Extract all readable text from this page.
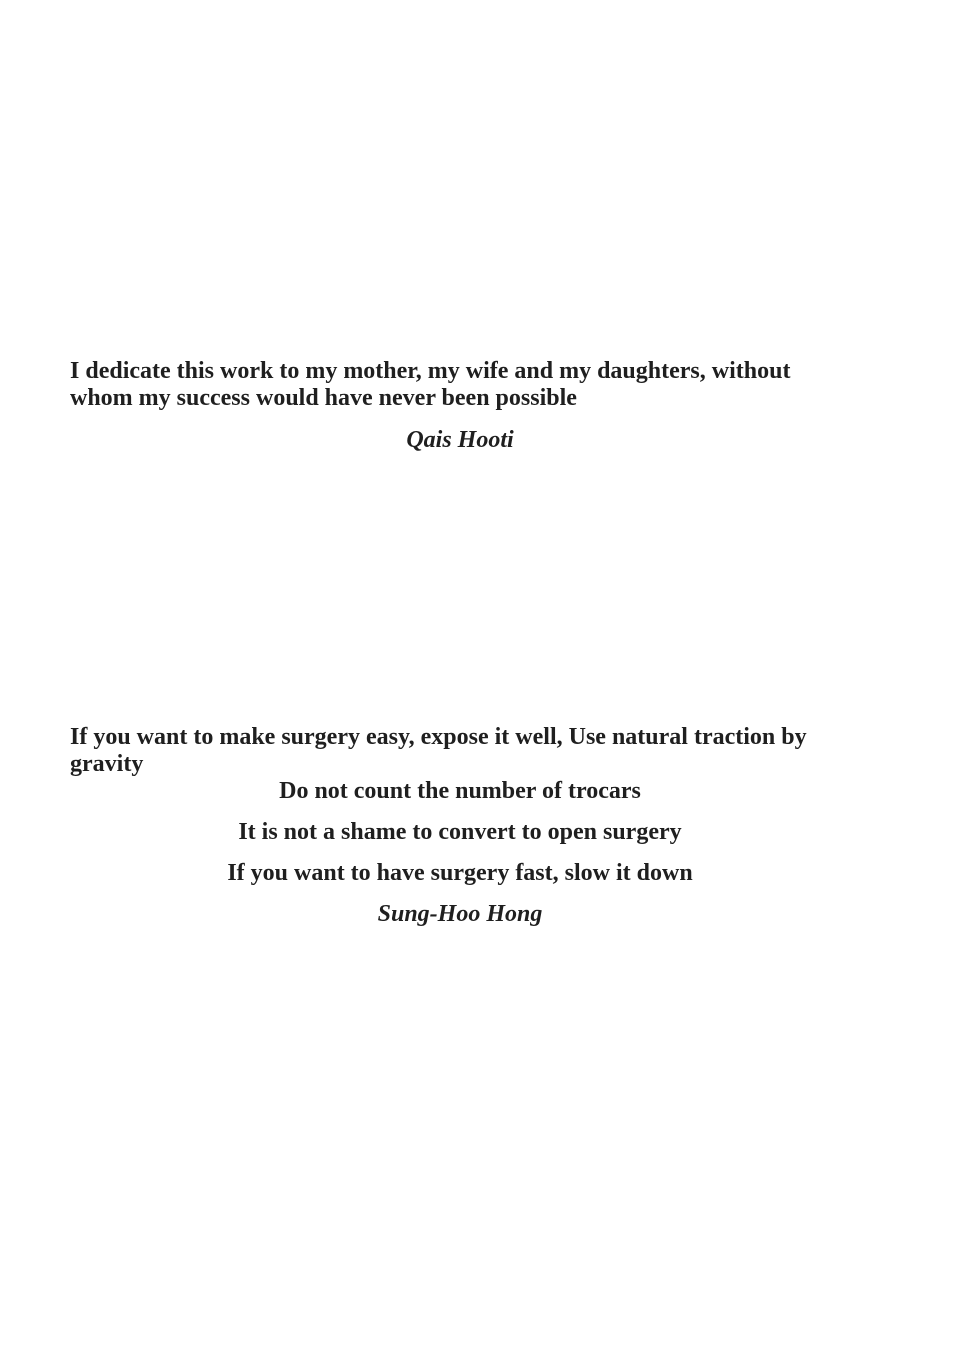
I dedicate this work to my mother, my wife and my daughters, without whom my success would have never been possible

Qais Hooti

If you want to make surgery easy, expose it well, Use natural traction by gravity

Do not count the number of trocars

It is not a shame to convert to open surgery

If you want to have surgery fast, slow it down

Sung-Hoo Hong
